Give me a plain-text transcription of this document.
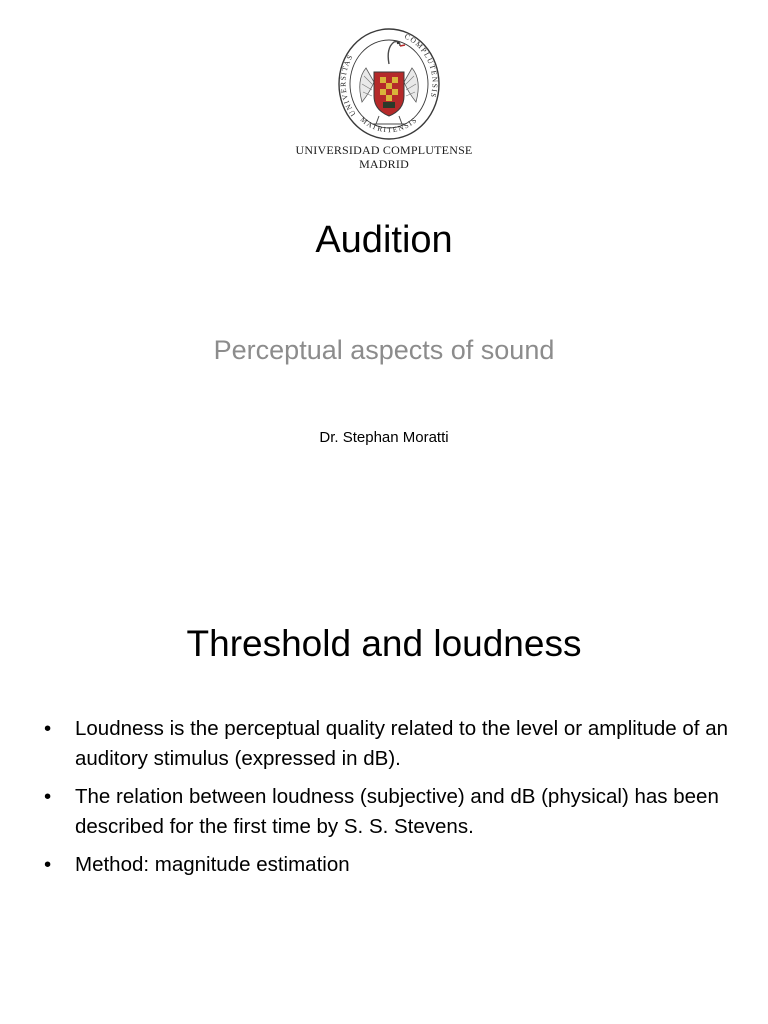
UNIVERSITAS
COMPLUTENSIS
MATRITENSIS
UNIVERSIDAD COMPLUTENSE
MADRID
Audition
Perceptual aspects of sound
Dr. Stephan Moratti
Threshold and loudness
• Loudness is the perceptual quality related to the level or amplitude of an auditory stimulus (expressed in dB).
• The relation between loudness (subjective) and dB (physical) has been described for the first time by S. S. Stevens.
• Method: magnitude estimation
